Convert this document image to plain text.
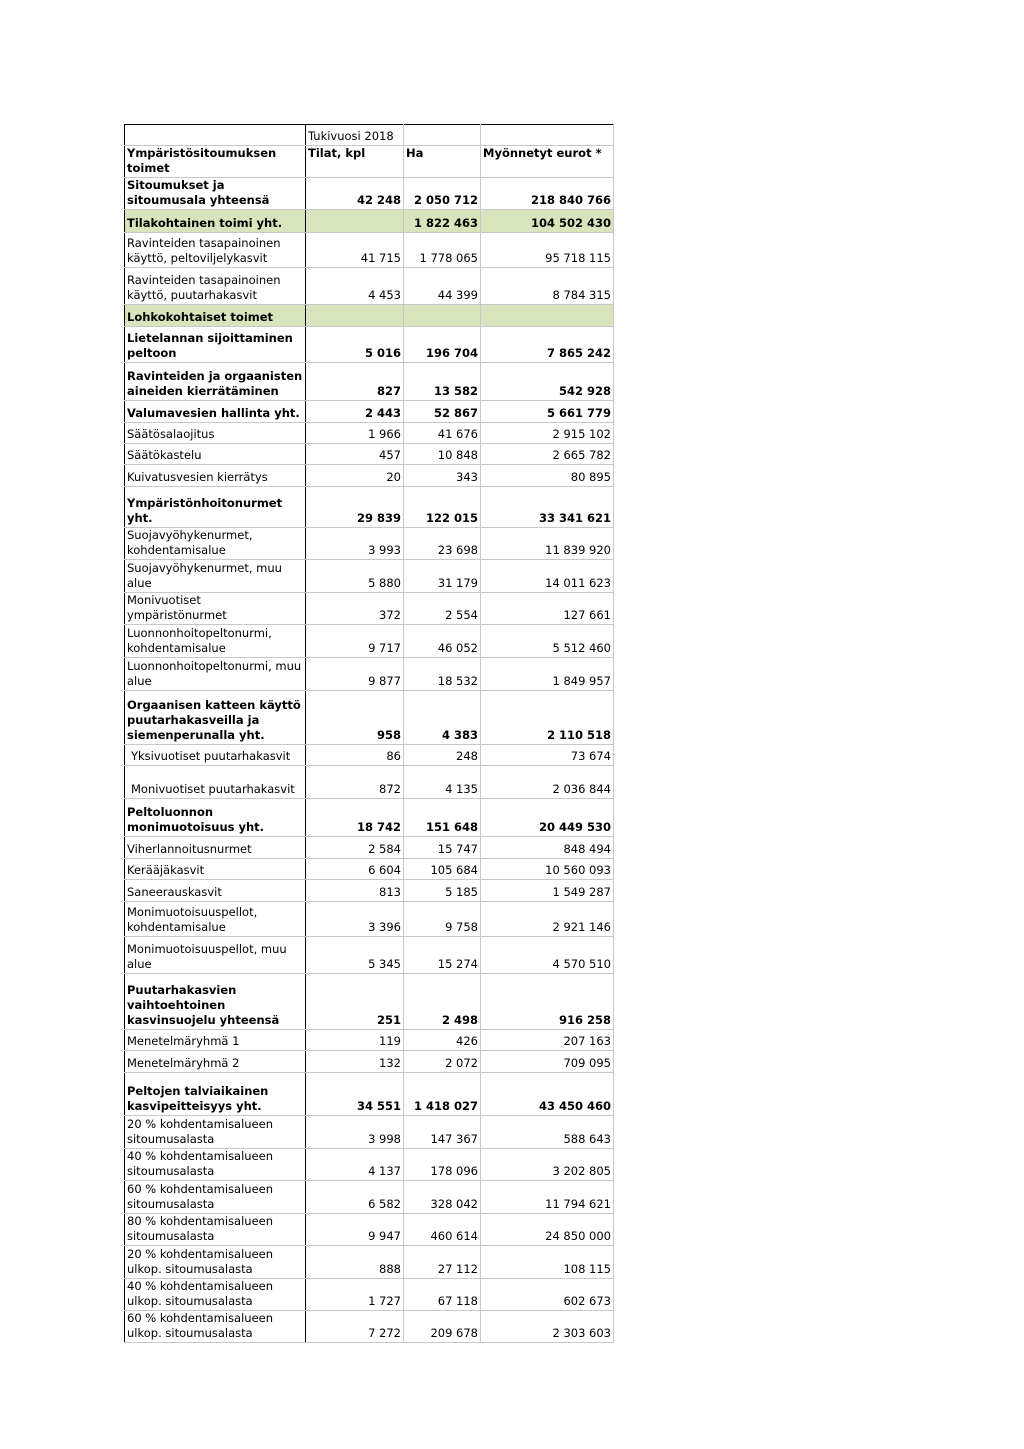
	Tukivuosi 2018		
Ympäristösitoumuksen toimet	Tilat, kpl	Ha	Myönnetyt eurot *
Sitoumukset ja sitoumusala yhteensä	42 248	2 050 712	218 840 766
Tilakohtainen toimi yht.		1 822 463	104 502 430
Ravinteiden tasapainoinen käyttö, peltoviljelykasvit	41 715	1 778 065	95 718 115
Ravinteiden tasapainoinen käyttö, puutarhakasvit	4 453	44 399	8 784 315
Lohkokohtaiset toimet			
Lietelannan sijoittaminen peltoon	5 016	196 704	7 865 242
Ravinteiden ja orgaanisten aineiden kierrätäminen	827	13 582	542 928
Valumavesien hallinta yht.	2 443	52 867	5 661 779
Säätösalaojitus	1 966	41 676	2 915 102
Säätökastelu	457	10 848	2 665 782
Kuivatusvesien kierrätys	20	343	80 895
Ympäristönhoitonurmet yht.	29 839	122 015	33 341 621
Suojavyöhykenurmet, kohdentamisalue	3 993	23 698	11 839 920
Suojavyöhykenurmet, muu alue	5 880	31 179	14 011 623
Monivuotiset ympäristönurmet	372	2 554	127 661
Luonnonhoitopeltonurmi, kohdentamisalue	9 717	46 052	5 512 460
Luonnonhoitopeltonurmi, muu alue	9 877	18 532	1 849 957
Orgaanisen katteen käyttö puutarhakasveilla ja siemenperunalla yht.	958	4 383	2 110 518
Yksivuotiset puutarhakasvit	86	248	73 674
Monivuotiset puutarhakasvit	872	4 135	2 036 844
Peltoluonnon monimuotoisuus yht.	18 742	151 648	20 449 530
Viherlannoitusnurmet	2 584	15 747	848 494
Kerääjäkasvit	6 604	105 684	10 560 093
Saneerauskasvit	813	5 185	1 549 287
Monimuotoisuuspellot, kohdentamisalue	3 396	9 758	2 921 146
Monimuotoisuuspellot, muu alue	5 345	15 274	4 570 510
Puutarhakasvien vaihtoehtoinen kasvinsuojelu yhteensä	251	2 498	916 258
Menetelmäryhmä 1	119	426	207 163
Menetelmäryhmä 2	132	2 072	709 095
Peltojen talviaikainen kasvipeitteisyys yht.	34 551	1 418 027	43 450 460
20 % kohdentamisalueen sitoumusalasta	3 998	147 367	588 643
40 % kohdentamisalueen sitoumusalasta	4 137	178 096	3 202 805
60 % kohdentamisalueen sitoumusalasta	6 582	328 042	11 794 621
80 % kohdentamisalueen sitoumusalasta	9 947	460 614	24 850 000
20 % kohdentamisalueen ulkop. sitoumusalasta	888	27 112	108 115
40 % kohdentamisalueen ulkop. sitoumusalasta	1 727	67 118	602 673
60 % kohdentamisalueen ulkop. sitoumusalasta	7 272	209 678	2 303 603
